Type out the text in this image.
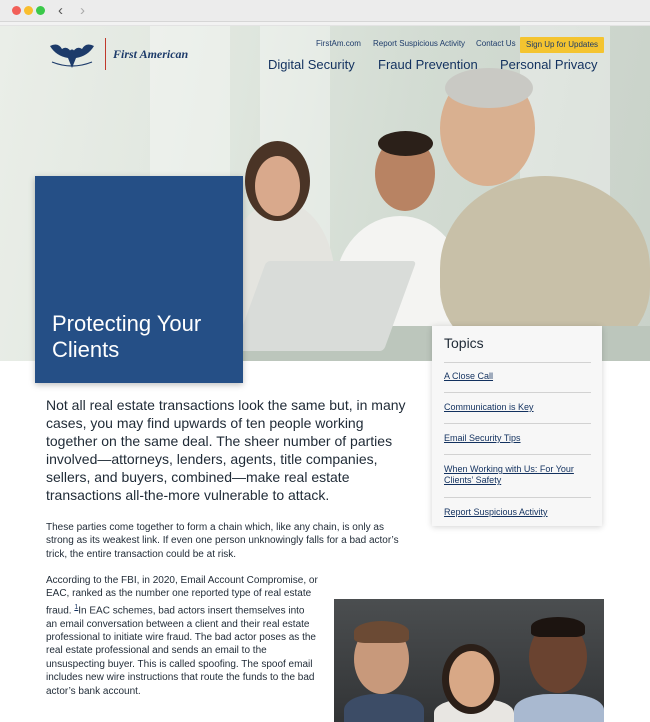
‹ ›
First American
FirstAm.com Report Suspicious Activity Contact Us	Sign Up for Updates
Digital Security Fraud Prevention Personal Privacy
Protecting Your Clients	Topics
A Close Call
Communication is Key
Email Security Tips
When Working with Us: For Your Clients’ Safety
Report Suspicious Activity

Not all real estate transactions look the same but, in many cases, you may find upwards of ten people working together on the same deal. The sheer number of parties involved—attorneys, lenders, agents, title companies, sellers, and buyers, combined—make real estate transactions all-the-more vulnerable to attack.

These parties come together to form a chain which, like any chain, is only as strong as its weakest link. If even one person unknowingly falls for a bad actor’s trick, the entire transaction could be at risk.

According to the FBI, in 2020, Email Account Compromise, or EAC, ranked as the number one reported type of real estate fraud. $^1$In EAC schemes, bad actors insert themselves into an email conversation between a client and their real estate professional to initiate wire fraud. The bad actor poses as the real estate professional and sends an email to the unsuspecting buyer. This is called spoofing. The spoof email includes new wire instructions that route the funds to the bad actor’s bank account.
